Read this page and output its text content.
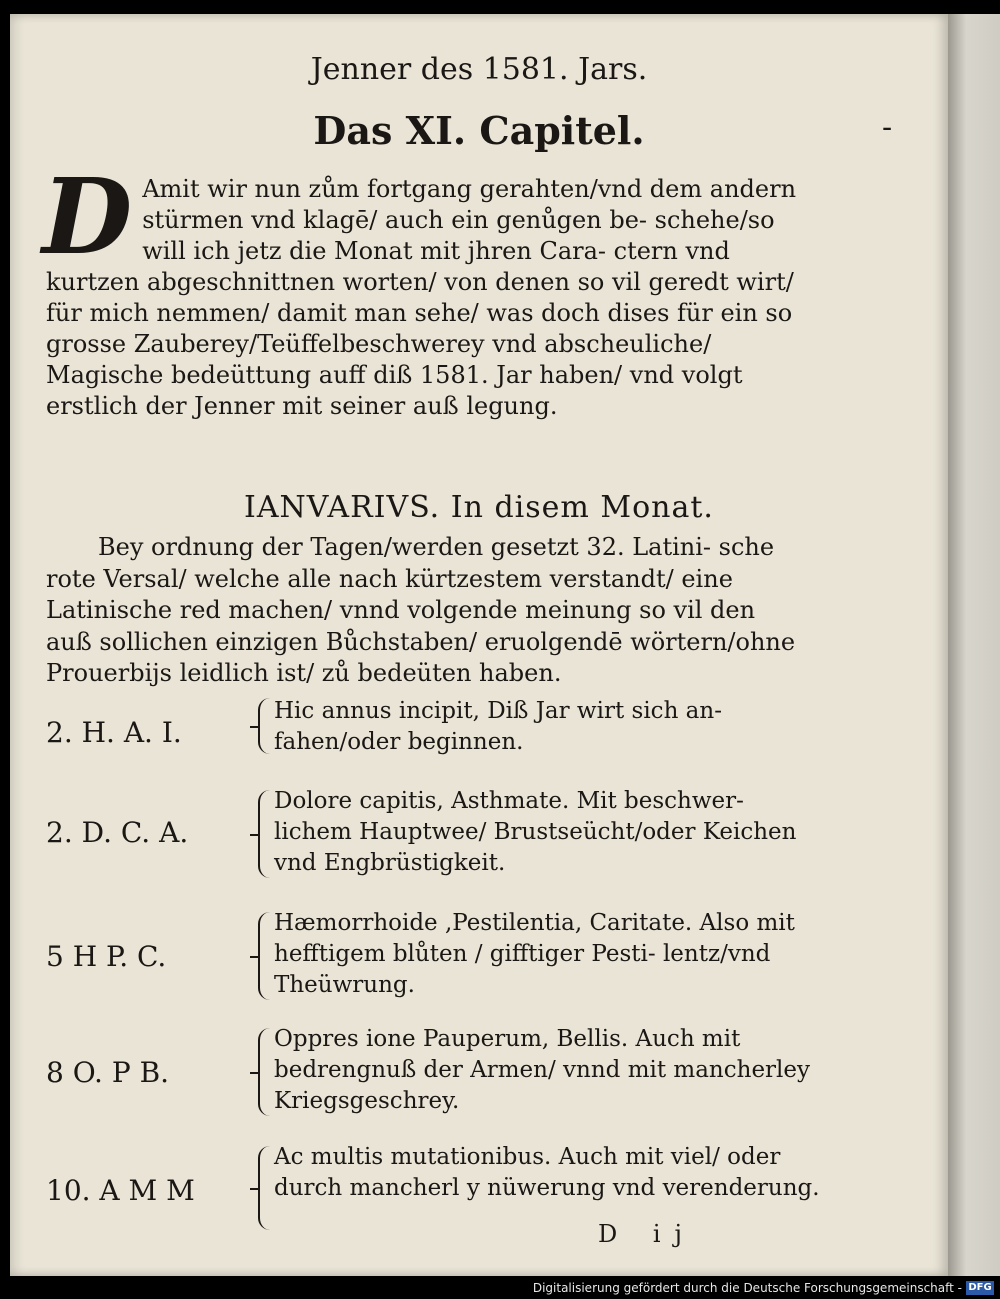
Jenner des 1581. Jars.
Das XI. Capitel.	-
D Amit wir nun zům fortgang gerahten/vnd dem andern stürmen vnd klagē/ auch ein genůgen be- schehe/so will ich jetz die Monat mit jhren Cara- ctern vnd kurtzen abgeschnittnen worten/ von denen so vil geredt wirt/ für mich nemmen/ damit man sehe/ was doch dises für ein so grosse Zauberey/Teüffelbeschwerey vnd abscheuliche/ Magische bedeüttung auff diß 1581. Jar haben/ vnd volgt erstlich der Jenner mit seiner auß legung.
IANVARIVS. In disem Monat.
Bey ordnung der Tagen/werden gesetzt 32. Latini- sche rote Versal/ welche alle nach kürtzestem verstandt/ eine Latinische red machen/ vnnd volgende meinung so vil den auß sollichen einzigen Bůchstaben/ eruolgendē wörtern/ohne Prouerbijs leidlich ist/ zů bedeüten haben.
2. H. A. I.
Hic annus incipit, Diß Jar wirt sich an- fahen/oder beginnen.
2. D. C. A.
Dolore capitis, Asthmate. Mit beschwer- lichem Hauptwee/ Brustseücht/oder Keichen vnd Engbrüstigkeit.
5 H P. C.
Hæmorrhoide ,Pestilentia, Caritate. Also mit hefftigem blůten / gifftiger Pesti- lentz/vnd Theüwrung.
8 O. P B.
Oppres ione Pauperum, Bellis. Auch mit bedrengnuß der Armen/ vnnd mit mancherley Kriegsgeschrey.
10. A M M
Ac multis mutationibus. Auch mit viel/ oder durch mancherl y nüwerung vnd verenderung.
D ij
Digitalisierung gefördert durch die Deutsche Forschungsgemeinschaft - DFG
